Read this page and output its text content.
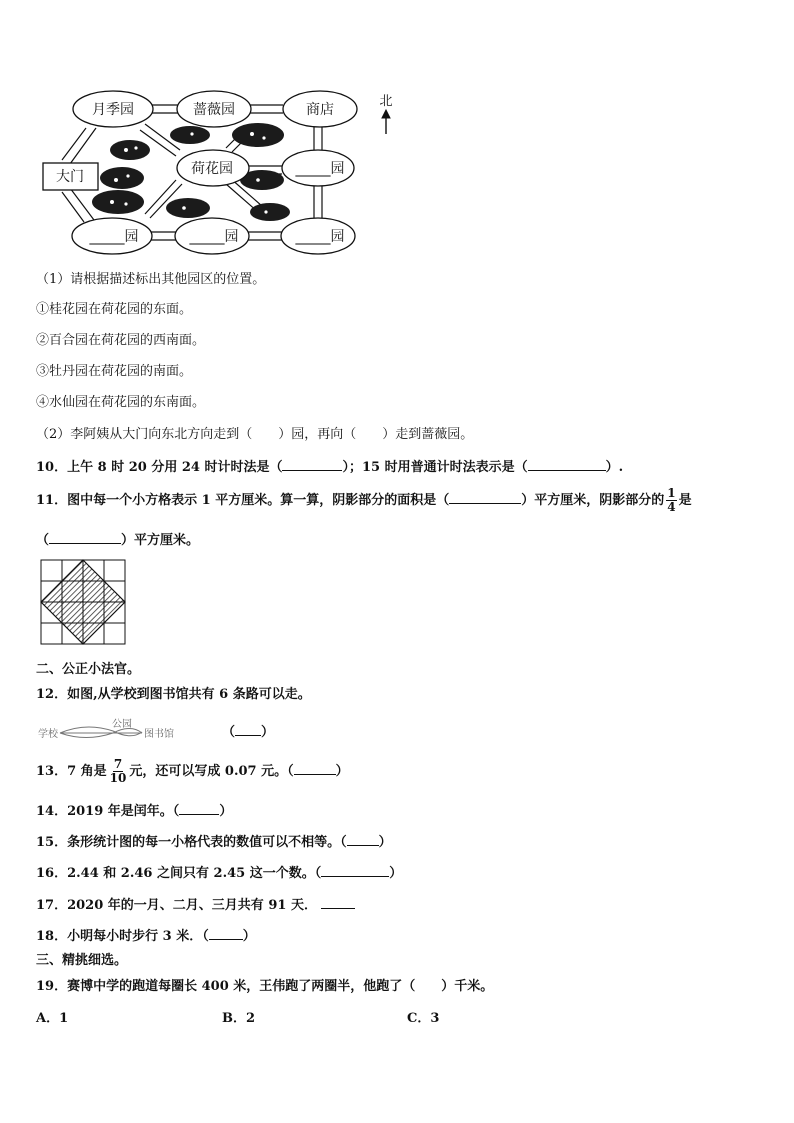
月季园	蔷薇园	商店
荷花园	_____园
_____园	_____园	_____园
大门
北
（1）请根据描述标出其他园区的位置。
①桂花园在荷花园的东面。
②百合园在荷花园的西南面。
③牡丹园在荷花园的南面。
④水仙园在荷花园的东南面。
（2）李阿姨从大门向东北方向走到（　　）园，再向（　　）走到蔷薇园。
10．上午 8 时 20 分用 24 时计时法是（	）；15 时用普通计时法表示是（	）.
11．图中每一个小方格表示 1 平方厘米。算一算，阴影部分的面积是（	）平方厘米，阴影部分的 $\frac{1}{4}$ 是
（	）平方厘米。
二、公正小法官。
12．如图,从学校到图书馆共有 6 条路可以走。
学校
公园
图书馆	（ ）
13．7 角是 $\frac{7}{10}$ 元，还可以写成 0.07 元。（	）
14．2019 年是闰年。（	）
15．条形统计图的每一小格代表的数值可以不相等。（ ）
16．2.44 和 2.46 之间只有 2.45 这一个数。（	）
17．2020 年的一月、二月、三月共有 91 天．
18．小明每小时步行 3 米．（	）
三、精挑细选。
19．赛博中学的跑道每圈长 400 米，王伟跑了两圈半，他跑了（　　）千米。
A．1	B．2	C．3
